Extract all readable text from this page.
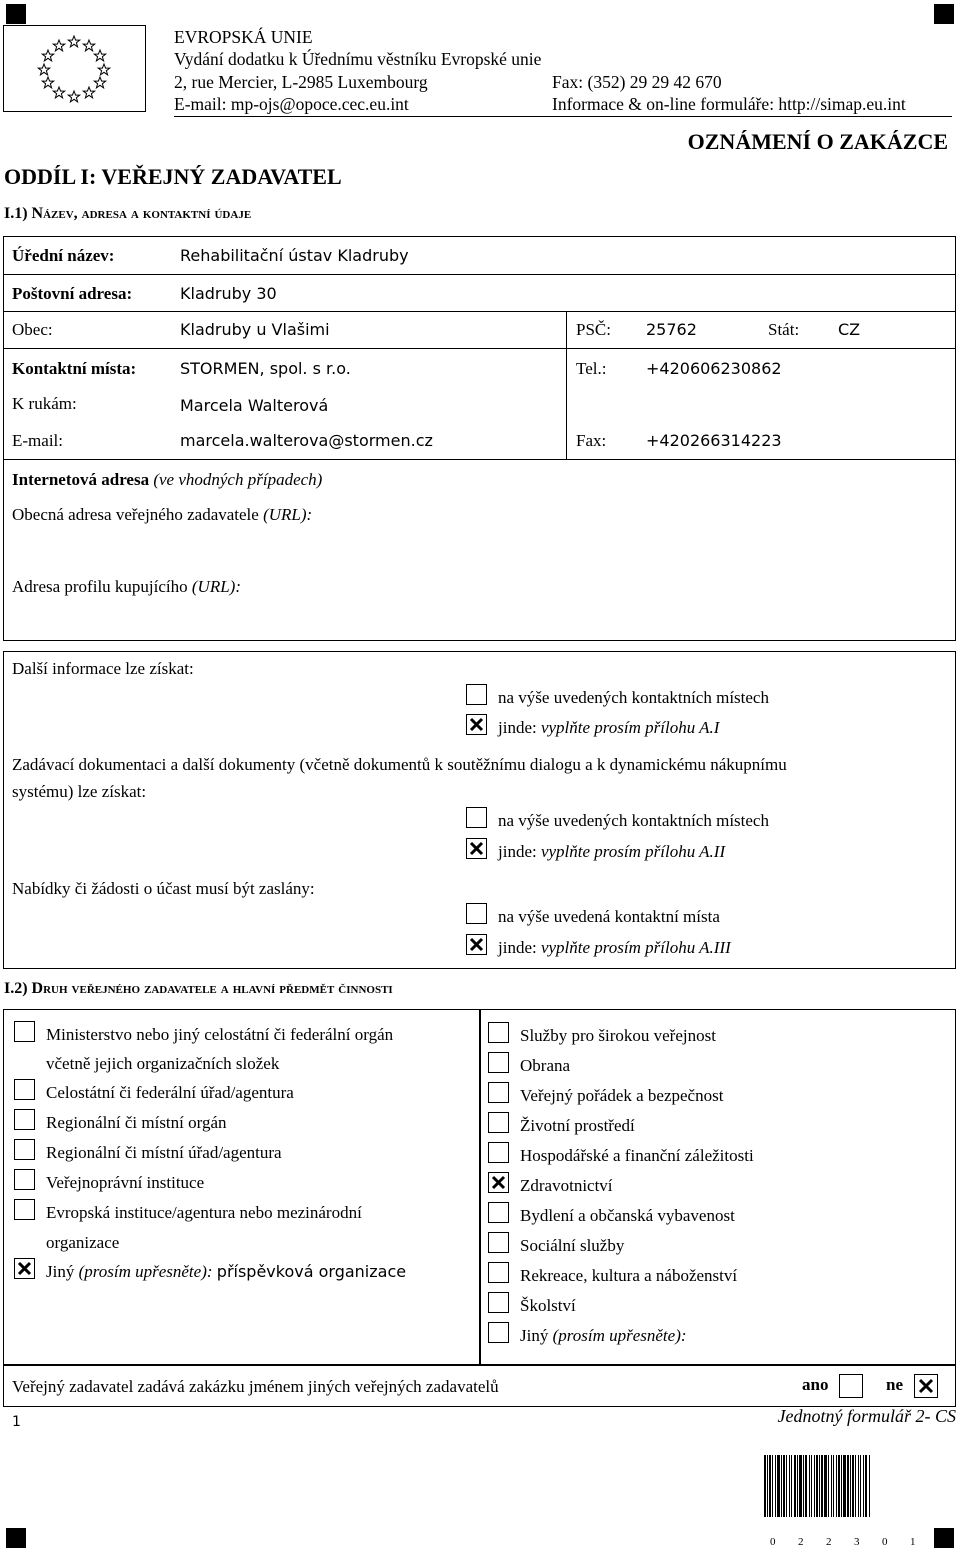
EVROPSKÁ UNIE
Vydání dodatku k Úřednímu věstníku Evropské unie
2, rue Mercier, L-2985 Luxembourg	Fax: (352) 29 29 42 670
E-mail: mp-ojs@opoce.cec.eu.int	Informace & on-line formuláře: http://simap.eu.int
OZNÁMENÍ O ZAKÁZCE
ODDÍL I: VEŘEJNÝ ZADAVATEL
I.1) Název, adresa a kontaktní údaje
Úřední název:	Rehabilitační ústav Kladruby
Poštovní adresa:	Kladruby 30
Obec:	Kladruby u Vlašimi	PSČ: 25762	Stát: CZ
Kontaktní místa:	STORMEN, spol. s r.o.	Tel.: +420606230862
K rukám:	Marcela Walterová
E-mail:	marcela.walterova@stormen.cz	Fax: +420266314223
Internetová adresa (ve vhodných případech)
Obecná adresa veřejného zadavatele (URL):
Adresa profilu kupujícího (URL):
Další informace lze získat:
na výše uvedených kontaktních místech
jinde: vyplňte prosím přílohu A.I
Zadávací dokumentaci a další dokumenty (včetně dokumentů k soutěžnímu dialogu a k dynamickému nákupnímu
systému) lze získat:
na výše uvedených kontaktních místech
jinde: vyplňte prosím přílohu A.II
Nabídky či žádosti o účast musí být zaslány:
na výše uvedená kontaktní místa
jinde: vyplňte prosím přílohu A.III
I.2) Druh veřejného zadavatele a hlavní předmět činnosti
Ministerstvo nebo jiný celostátní či federální orgán
včetně jejich organizačních složek
Celostátní či federální úřad/agentura
Regionální či místní orgán
Regionální či místní úřad/agentura
Veřejnoprávní instituce
Evropská instituce/agentura nebo mezinárodní
organizace
Jiný (prosím upřesněte): příspěvková organizace
Služby pro širokou veřejnost
Obrana
Veřejný pořádek a bezpečnost
Životní prostředí
Hospodářské a finanční záležitosti
Zdravotnictví
Bydlení a občanská vybavenost
Sociální služby
Rekreace, kultura a náboženství
Školství
Jiný (prosím upřesněte):
Veřejný zadavatel zadává zakázku jménem jiných veřejných zadavatelů	ano	ne
1	Jednotný formulář 2- CS
0 2 2 3 0 1 1
